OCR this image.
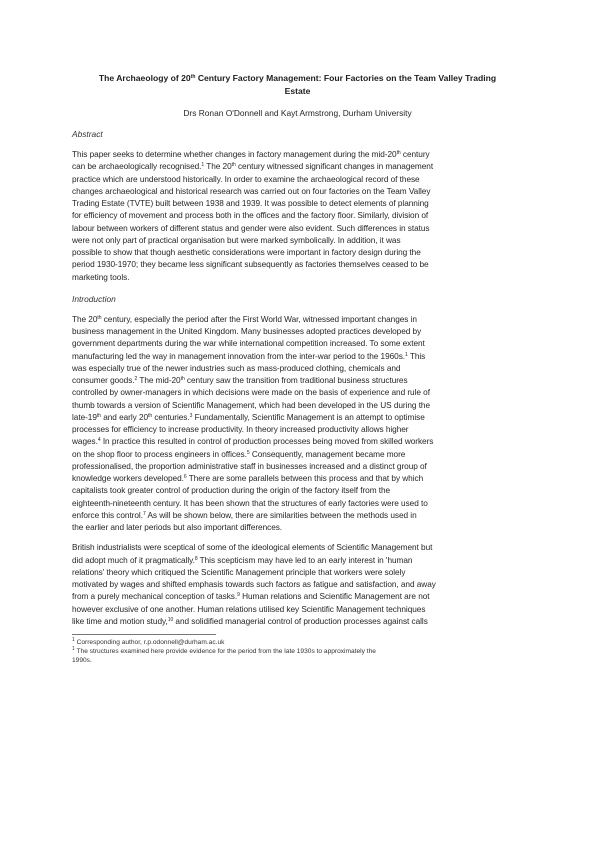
The Archaeology of 20th Century Factory Management: Four Factories on the Team Valley Trading
Estate
Drs Ronan O'Donnell and Kayt Armstrong, Durham University
Abstract
This paper seeks to determine whether changes in factory management during the mid-20th century
can be archaeologically recognised.$^1$ The 20th century witnessed significant changes in management
practice which are understood historically. In order to examine the archaeological record of these
changes archaeological and historical research was carried out on four factories on the Team Valley
Trading Estate (TVTE) built between 1938 and 1939. It was possible to detect elements of planning
for efficiency of movement and process both in the offices and the factory floor. Similarly, division of
labour between workers of different status and gender were also evident. Such differences in status
were not only part of practical organisation but were marked symbolically. In addition, it was
possible to show that though aesthetic considerations were important in factory design during the
period 1930-1970; they became less significant subsequently as factories themselves ceased to be
marketing tools.
Introduction
The 20th century, especially the period after the First World War, witnessed important changes in
business management in the United Kingdom. Many businesses adopted practices developed by
government departments during the war while international competition increased. To some extent
manufacturing led the way in management innovation from the inter-war period to the 1960s.$^1$ This
was especially true of the newer industries such as mass-produced clothing, chemicals and
consumer goods.$^2$ The mid-20th century saw the transition from traditional business structures
controlled by owner-managers in which decisions were made on the basis of experience and rule of
thumb towards a version of Scientific Management, which had been developed in the US during the
late-19th and early 20th centuries.$^3$ Fundamentally, Scientific Management is an attempt to optimise
processes for efficiency to increase productivity. In theory increased productivity allows higher
wages.$^4$ In practice this resulted in control of production processes being moved from skilled workers
on the shop floor to process engineers in offices.$^5$ Consequently, management became more
professionalised, the proportion administrative staff in businesses increased and a distinct group of
knowledge workers developed.$^6$ There are some parallels between this process and that by which
capitalists took greater control of production during the origin of the factory itself from the
eighteenth-nineteenth century. It has been shown that the structures of early factories were used to
enforce this control.$^7$ As will be shown below, there are similarities between the methods used in
the earlier and later periods but also important differences.
British industrialists were sceptical of some of the ideological elements of Scientific Management but
did adopt much of it pragmatically.$^8$ This scepticism may have led to an early interest in 'human
relations' theory which critiqued the Scientific Management principle that workers were solely
motivated by wages and shifted emphasis towards such factors as fatigue and satisfaction, and away
from a purely mechanical conception of tasks.$^9$ Human relations and Scientific Management are not
however exclusive of one another. Human relations utilised key Scientific Management techniques
like time and motion study,$^{10}$ and solidified managerial control of production processes against calls
$^1$ Corresponding author, r.p.odonnell@durham.ac.uk
$^1$ The structures examined here provide evidence for the period from the late 1930s to approximately the
1990s.
